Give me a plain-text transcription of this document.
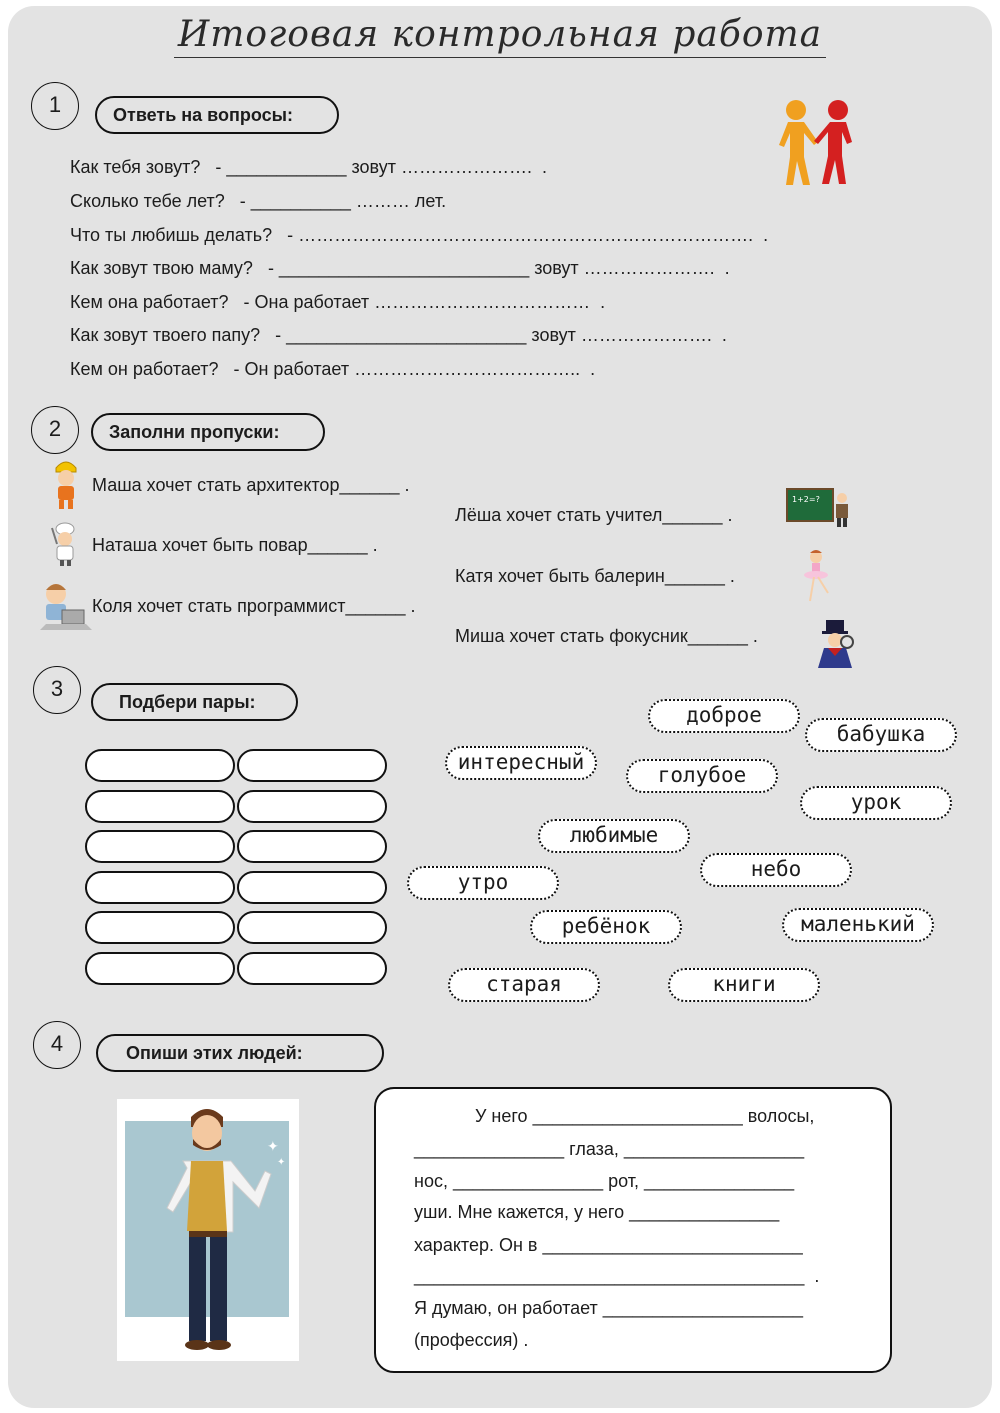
Итоговая контрольная работа
1	Ответь на вопросы:
Как тебя зовут?   - ____________ зовут ………………….  .
Сколько тебе лет?   - __________ ……… лет.
Что ты любишь делать?   - ………………………………………………………………….  .
Как зовут твою маму?   - _________________________ зовут ………………….  .
Кем она работает?   - Она работает ………………………………  .
Как зовут твоего папу?   - ________________________ зовут ………………….  .
Кем он работает?   - Он работает ………………………………..  .
2	Заполни пропуски:
Маша хочет стать архитектор______ .
Наташа хочет быть повар______ .
Коля хочет стать программист______ .
Лёша хочет стать учител______ .
Катя хочет быть балерин______ .
Миша хочет стать фокусник______ .
1+2=?
3
Подбери пары:
доброе
бабушка
интересный
голубое
урок
любимые
небо
утро
ребёнок	маленький
старая	книги
4	Опиши этих людей:
✦
✦
У него _____________________ волосы,
_______________ глаза, __________________
нос, _______________ рот, _______________
уши. Мне кажется, у него _______________
характер. Он в __________________________
_______________________________________  .
Я думаю, он работает ____________________
(профессия) .
